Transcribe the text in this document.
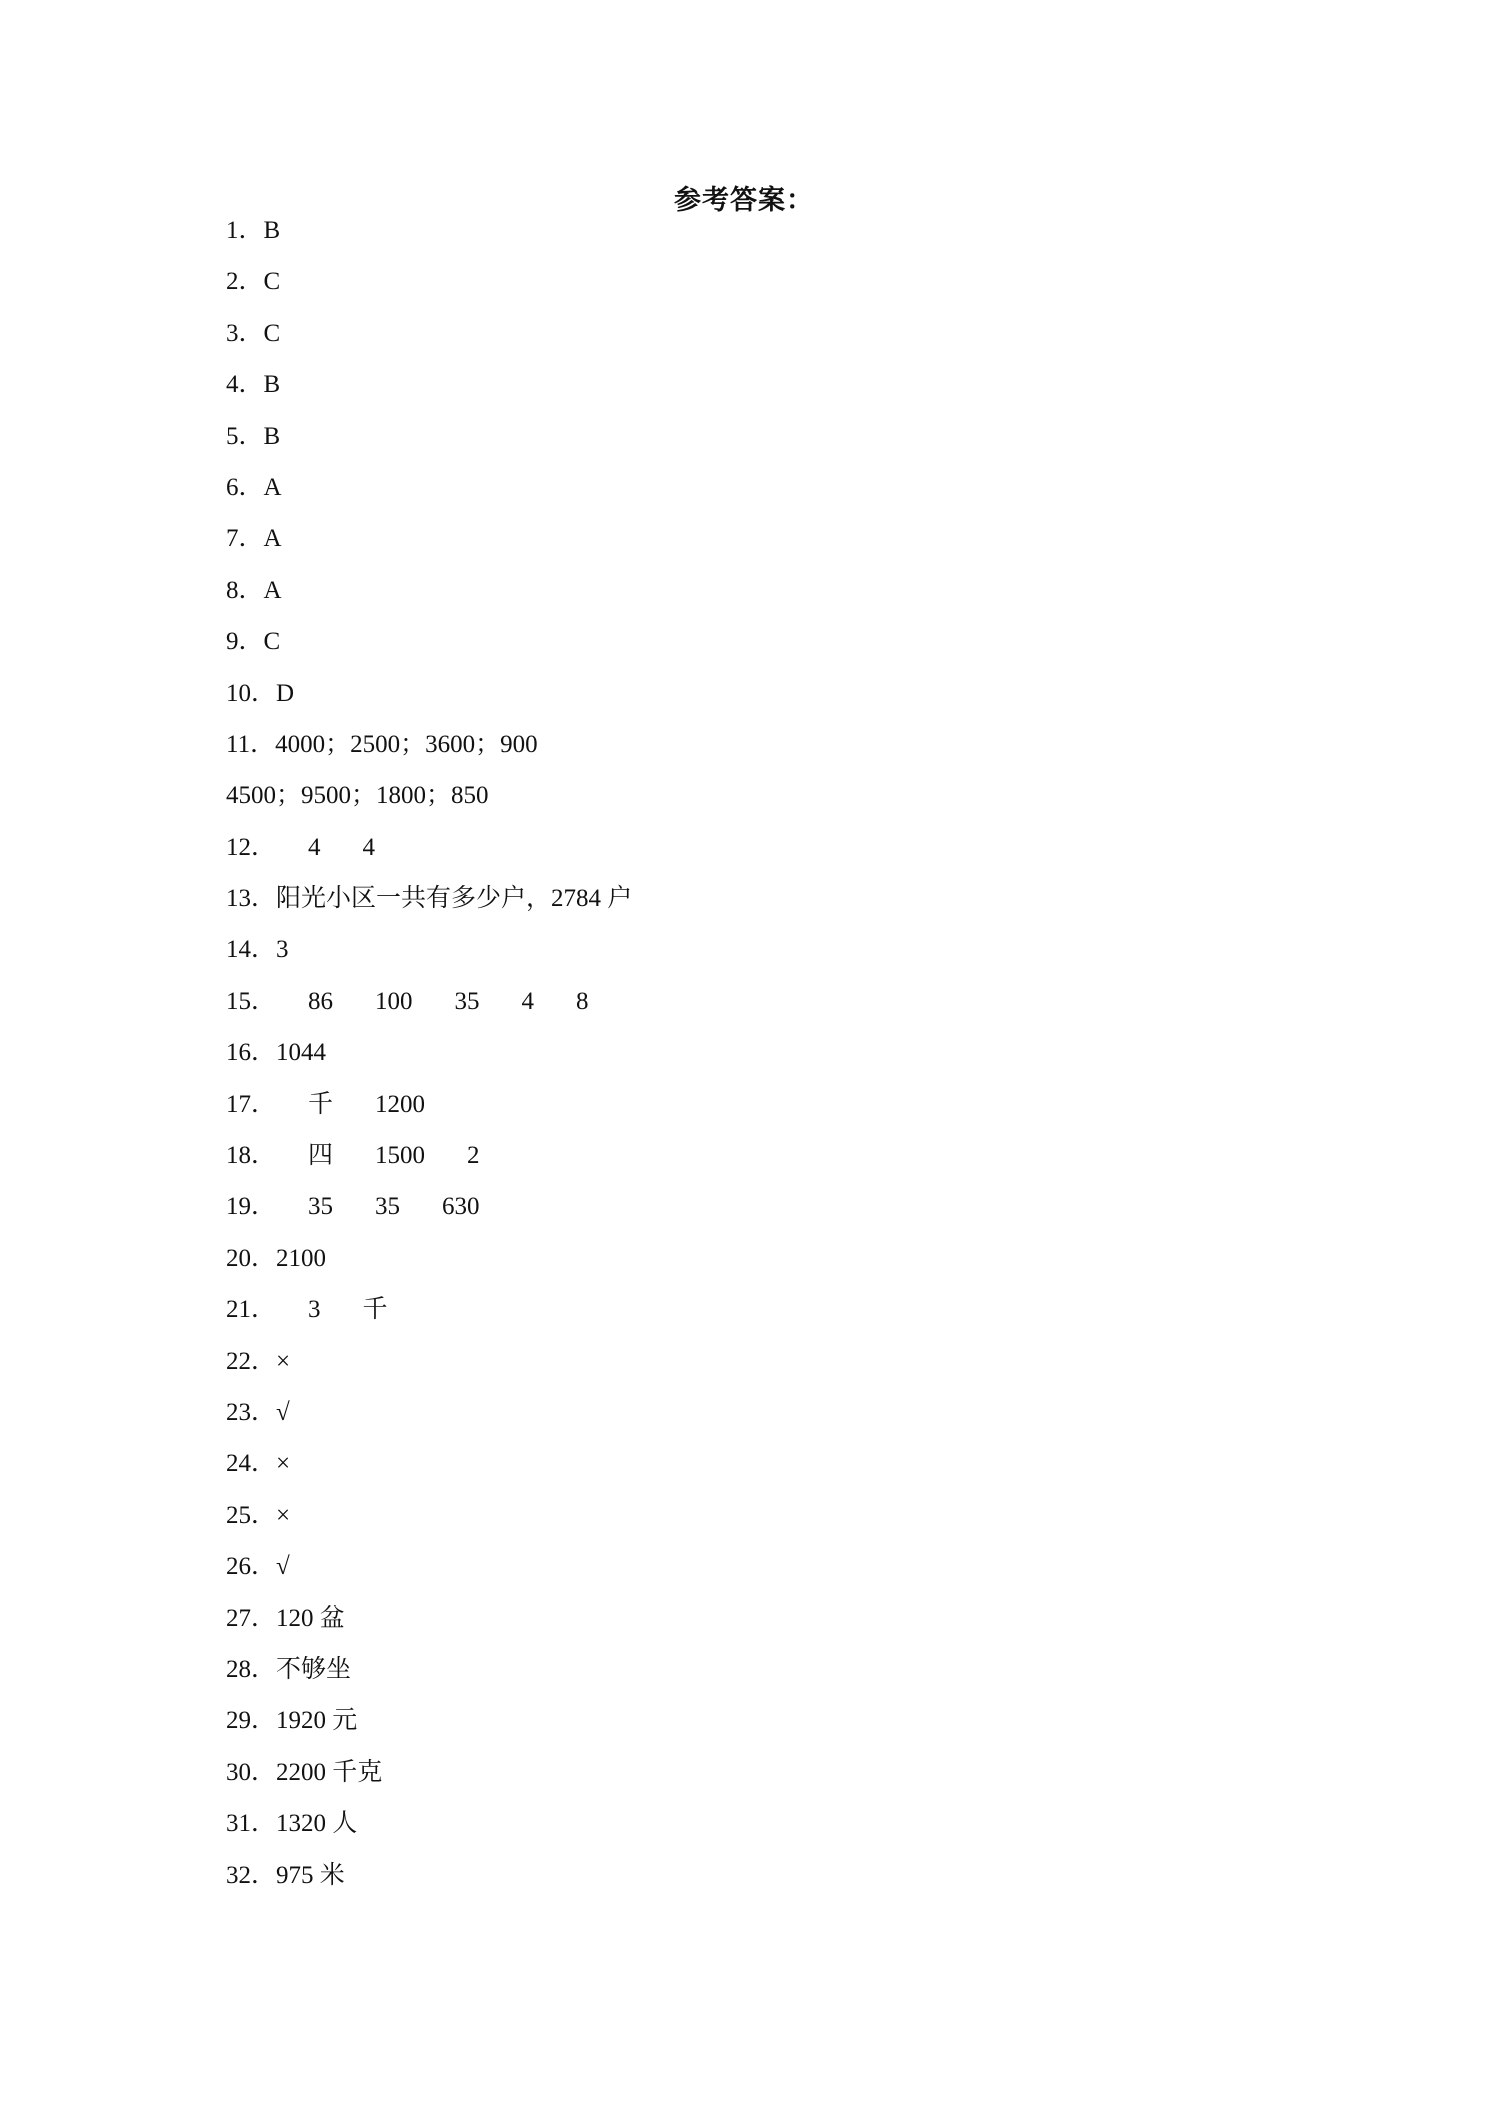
参考答案：
1． B
2． C
3． C
4． B
5． B
6． A
7． A
8． A
9． C
10． D
11． 4000；2500；3600；900
4500；9500；1800；850
12． 4 4
13． 阳光小区一共有多少户，2784 户
14． 3
15． 86 100 35 4 8
16． 1044
17． 千 1200
18． 四 1500 2
19． 35 35 630
20． 2100
21． 3 千
22． ×
23． √
24． ×
25． ×
26． √
27． 120 盆
28． 不够坐
29． 1920 元
30． 2200 千克
31． 1320 人
32． 975 米
